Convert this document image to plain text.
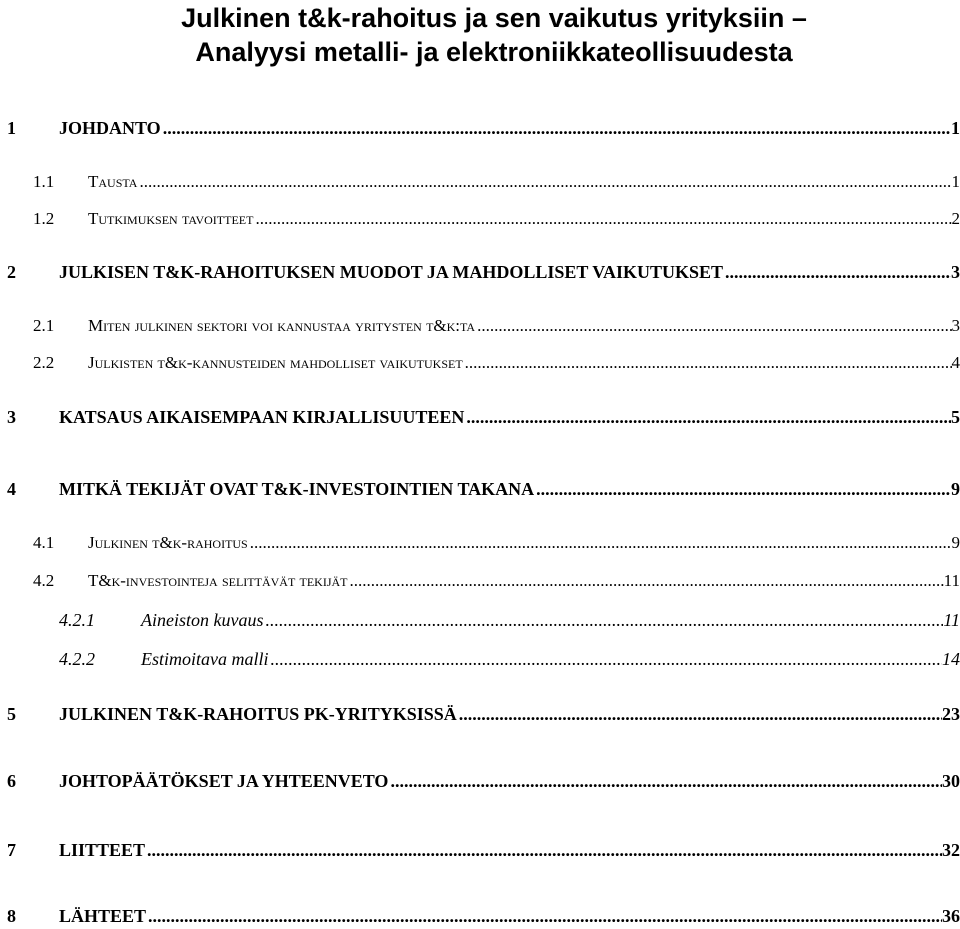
Julkinen t&k-rahoitus ja sen vaikutus yrityksiin –
Analyysi metalli- ja elektroniikkateollisuudesta
1 JOHDANTO .....	1
1.1 Tausta .....	1
1.2 Tutkimuksen tavoitteet .....	2
2 JULKISEN T&K-RAHOITUKSEN MUODOT JA MAHDOLLISET VAIKUTUKSET .....	3
2.1 Miten julkinen sektori voi kannustaa yritysten t&k:ta .....	3
2.2 Julkisten t&k-kannusteiden mahdolliset vaikutukset .....	4
3 KATSAUS AIKAISEMPAAN KIRJALLISUUTEEN .....	5
4 MITKÄ TEKIJÄT OVAT T&K-INVESTOINTIEN TAKANA .....	9
4.1 Julkinen t&k-rahoitus .....	9
4.2 T&k-investointeja selittävät tekijät .....	11
4.2.1	Aineiston kuvaus .....	11
4.2.2	Estimoitava malli .....	14
5 JULKINEN T&K-RAHOITUS PK-YRITYKSISSÄ .....	23
6 JOHTOPÄÄTÖKSET JA YHTEENVETO .....	30
7 LIITTEET .....	32
8 LÄHTEET .....	36
